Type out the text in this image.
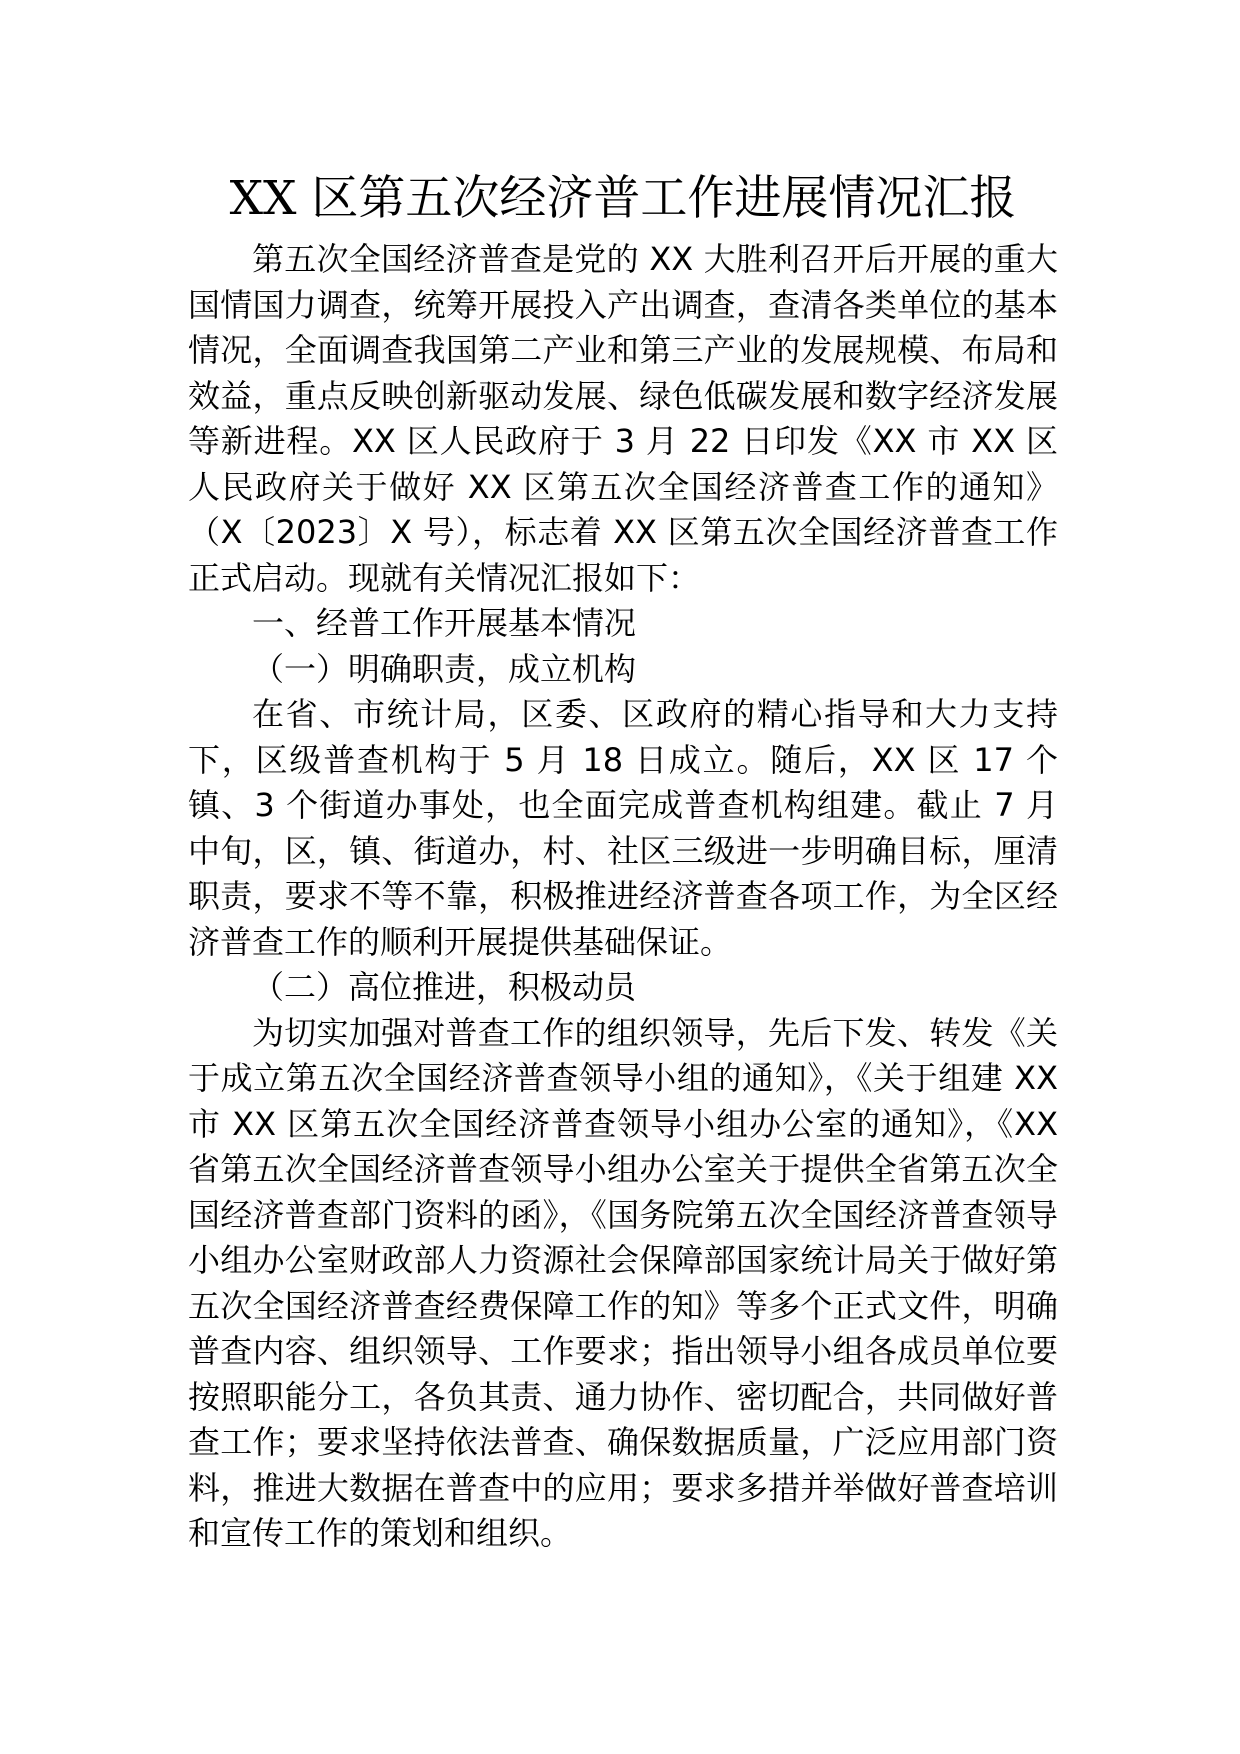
XX 区第五次经济普工作进展情况汇报

第五次全国经济普查是党的 XX 大胜利召开后开展的重大国情国力调查，统筹开展投入产出调查，查清各类单位的基本情况，全面调查我国第二产业和第三产业的发展规模、布局和效益，重点反映创新驱动发展、绿色低碳发展和数字经济发展等新进程。XX 区人民政府于 3 月 22 日印发《XX 市 XX 区人民政府关于做好 XX 区第五次全国经济普查工作的通知》（X〔2023〕X 号），标志着 XX 区第五次全国经济普查工作正式启动。现就有关情况汇报如下：

一、经普工作开展基本情况
（一）明确职责，成立机构

在省、市统计局，区委、区政府的精心指导和大力支持下，区级普查机构于 5 月 18 日成立。随后，XX 区 17 个镇、3 个街道办事处，也全面完成普查机构组建。截止 7 月中旬，区，镇、街道办，村、社区三级进一步明确目标，厘清职责，要求不等不靠，积极推进经济普查各项工作，为全区经济普查工作的顺利开展提供基础保证。

（二）高位推进，积极动员

为切实加强对普查工作的组织领导，先后下发、转发《关于成立第五次全国经济普查领导小组的通知》，《关于组建 XX 市 XX 区第五次全国经济普查领导小组办公室的通知》，《XX 省第五次全国经济普查领导小组办公室关于提供全省第五次全国经济普查部门资料的函》，《国务院第五次全国经济普查领导小组办公室财政部人力资源社会保障部国家统计局关于做好第五次全国经济普查经费保障工作的知》等多个正式文件，明确普查内容、组织领导、工作要求；指出领导小组各成员单位要按照职能分工，各负其责、通力协作、密切配合，共同做好普查工作；要求坚持依法普查、确保数据质量，广泛应用部门资料，推进大数据在普查中的应用；要求多措并举做好普查培训和宣传工作的策划和组织。
